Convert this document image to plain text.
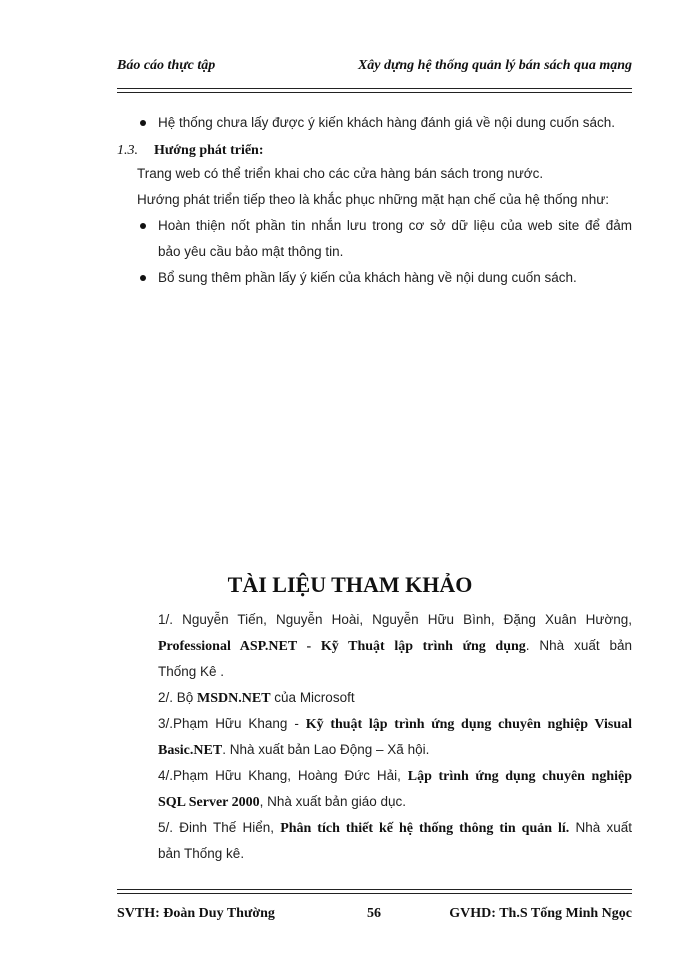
Báo cáo thực tập	Xây dựng hệ thống quản lý bán sách qua mạng
Hệ thống chưa lấy được ý kiến khách hàng đánh giá về nội dung cuốn sách.
1.3. Hướng phát triển:
Trang web có thể triển khai cho các cửa hàng bán sách trong nước.
Hướng phát triển tiếp theo là khắc phục những mặt hạn chế của hệ thống như:
Hoàn thiện nốt phần tin nhắn lưu trong cơ sở dữ liệu của web site để đảm
bảo yêu cầu bảo mật thông tin.
Bổ sung thêm phần lấy ý kiến của khách hàng về nội dung cuốn sách.
TÀI LIỆU THAM KHẢO
1/. Nguyễn Tiến, Nguyễn Hoài, Nguyễn Hữu Bình, Đặng Xuân Hường,
Professional ASP.NET - Kỹ Thuật lập trình ứng dụng. Nhà xuất bản
Thống Kê .
2/. Bộ MSDN.NET của Microsoft
3/.Phạm Hữu Khang - Kỹ thuật lập trình ứng dụng chuyên nghiệp Visual
Basic.NET. Nhà xuất bản Lao Động – Xã hội.
4/.Phạm Hữu Khang, Hoàng Đức Hải, Lập trình ứng dụng chuyên nghiệp
SQL Server 2000, Nhà xuất bản giáo dục.
5/. Đinh Thế Hiển, Phân tích thiết kế hệ thống thông tin quản lí. Nhà xuất
bản Thống kê.
SVTH: Đoàn Duy Thường	56	GVHD: Th.S Tống Minh Ngọc
